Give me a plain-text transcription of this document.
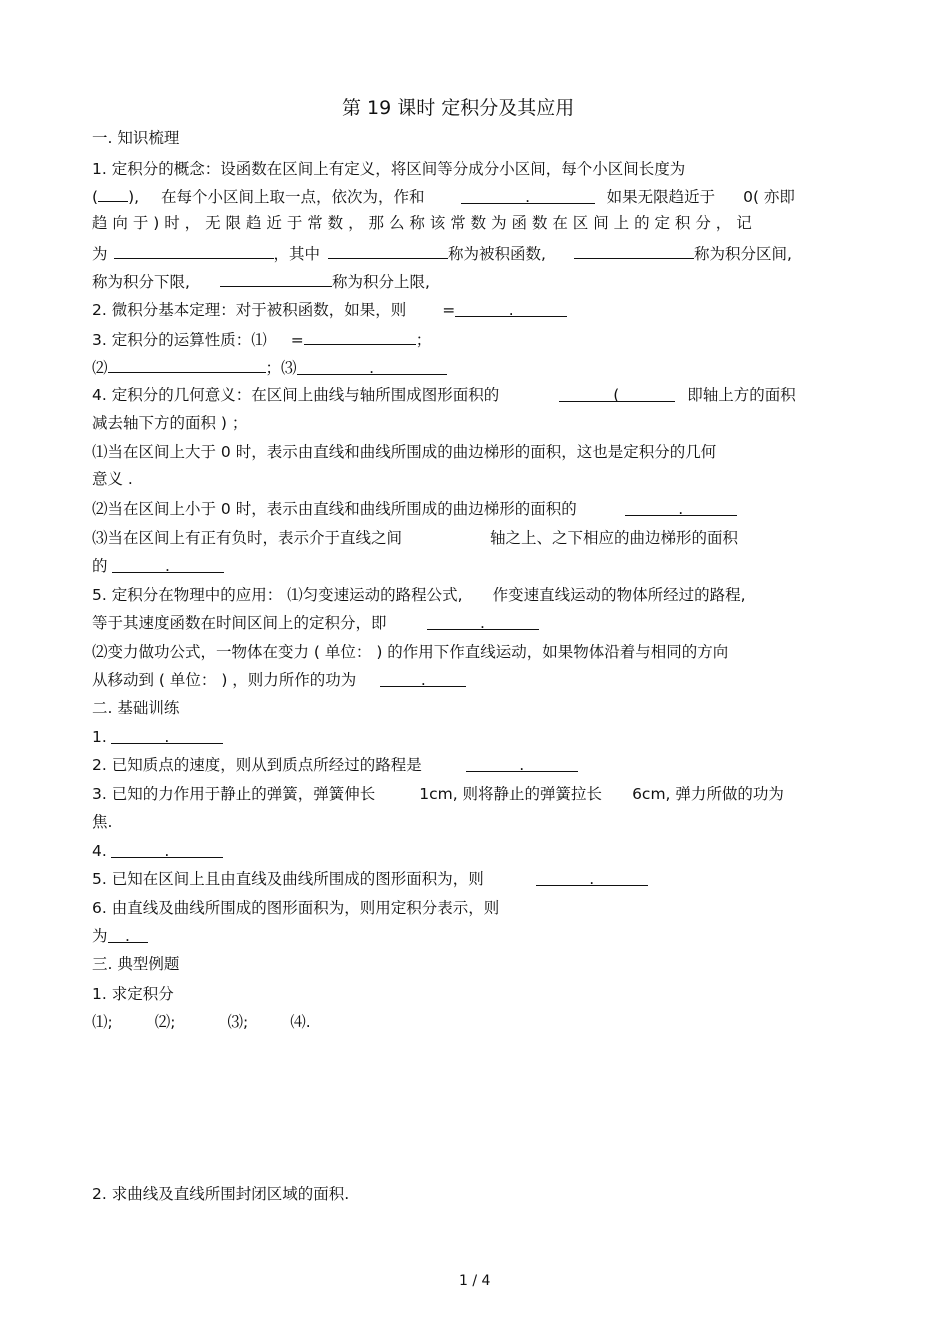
第 19 课时 定积分及其应用
一. 知识梳理
1. 定积分的概念：设函数在区间上有定义，将区间等分成分小区间，每个小区间长度为
( ), 在每个小区间上取一点，依次为，作和	.	如果无限趋近于 0( 亦即
趋 向 于 ) 时 ， 无 限 趋 近 于 常 数 ， 那 么 称 该 常 数 为 函 数 在 区 间 上 的 定 积 分 ， 记
为	，其中	称为被积函数,	称为积分区间,
称为积分下限,	称为积分上限,
2. 微积分基本定理：对于被积函数，如果，则 =	.
3. 定积分的运算性质：⑴ =	；
⑵	；⑶	.
4. 定积分的几何意义：在区间上曲线与轴所围成图形面积的	(	即轴上方的面积
减去轴下方的面积 ) ；
⑴当在区间上大于 0 时，表示由直线和曲线所围成的曲边梯形的面积，这也是定积分的几何
意义 .
⑵当在区间上小于 0 时，表示由直线和曲线所围成的曲边梯形的面积的	.
⑶当在区间上有正有负时，表示介于直线之间	轴之上、之下相应的曲边梯形的面积
的	.
5. 定积分在物理中的应用： ⑴匀变速运动的路程公式, 作变速直线运动的物体所经过的路程,
等于其速度函数在时间区间上的定积分，即	.
⑵变力做功公式，一物体在变力 ( 单位： ) 的作用下作直线运动，如果物体沿着与相同的方向
从移动到 ( 单位： ) ，则力所作的功为	.
二. 基础训练
1.	.
2. 已知质点的速度，则从到质点所经过的路程是	.
3. 已知的力作用于静止的弹簧，弹簧伸长	1cm, 则将静止的弹簧拉长 6cm, 弹力所做的功为
焦.
4.	.
5. 已知在区间上且由直线及曲线所围成的图形面积为，则	.
6. 由直线及曲线所围成的图形面积为，则用定积分表示，则
为 .
三. 典型例题
1. 求定积分
⑴;	⑵;	⑶;	⑷.
2. 求曲线及直线所围封闭区域的面积.
1 / 4
